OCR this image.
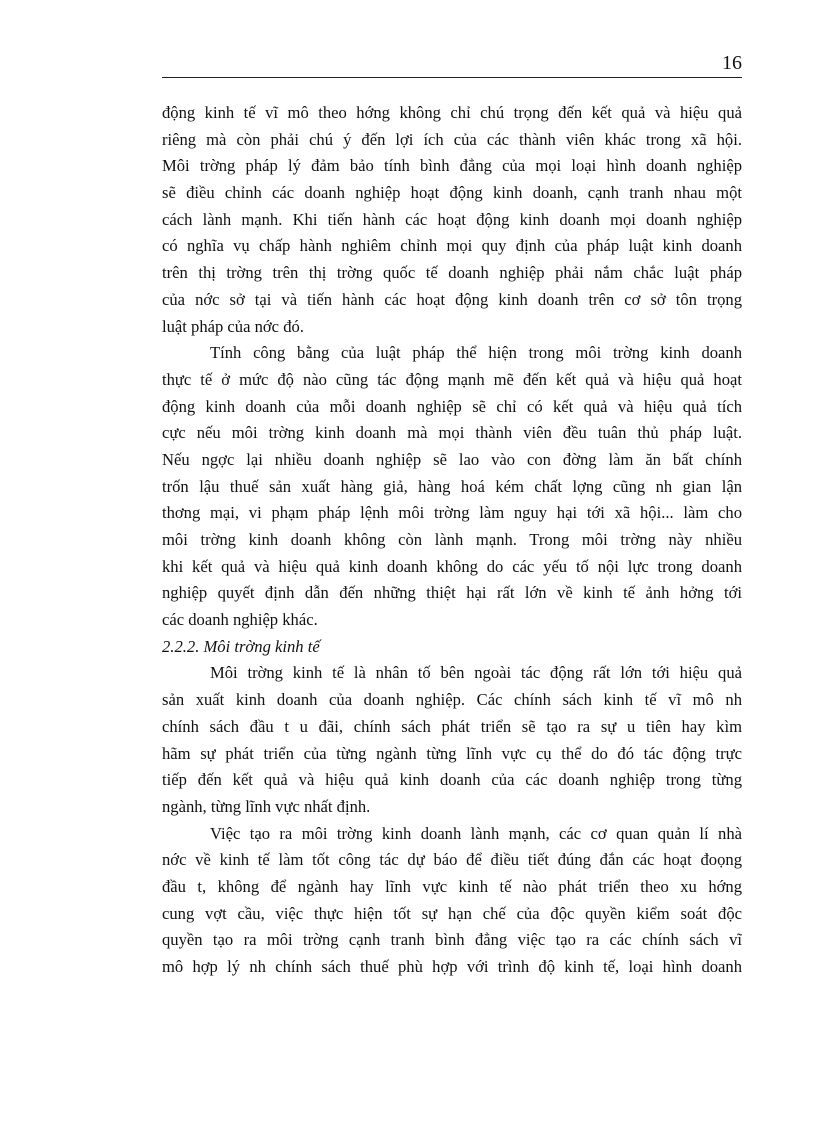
16
động kinh tế vĩ mô theo hớng không chỉ chú trọng đến kết quả và hiệu quả
riêng mà còn phải chú ý đến lợi ích của các thành viên khác trong xã hội.
Môi trờng pháp lý đảm bảo tính bình đẳng của mọi loại hình doanh nghiệp
sẽ điều chỉnh các doanh nghiệp hoạt động kinh doanh, cạnh tranh nhau một
cách lành mạnh. Khi tiến hành các hoạt động kinh doanh mọi doanh nghiệp
có nghĩa vụ chấp hành nghiêm chỉnh mọi quy định của pháp luật kinh doanh
trên thị trờng trên thị trờng quốc tế doanh nghiệp phải nắm chắc luật pháp
của nớc sở tại và tiến hành các hoạt động kinh doanh trên cơ sở tôn trọng
luật pháp của nớc đó.
Tính công bằng của luật pháp thể hiện trong môi trờng kinh doanh
thực tế ở mức độ nào cũng tác động mạnh mẽ đến kết quả và hiệu quả hoạt
động kinh doanh của mỗi doanh nghiệp sẽ chỉ có kết quả và hiệu quả tích
cực nếu môi trờng kinh doanh mà mọi thành viên đều tuân thủ pháp luật.
Nếu ngợc lại nhiều doanh nghiệp sẽ lao vào con đờng làm ăn bất chính
trốn lậu thuế sản xuất hàng giả, hàng hoá kém chất lợng cũng nh gian lận
thơng mại, vi phạm pháp lệnh môi trờng làm nguy hại tới xã hội... làm cho
môi trờng kinh doanh không còn lành mạnh. Trong môi trờng này nhiều
khi kết quả và hiệu quả kinh doanh không do các yếu tố nội lực trong doanh
nghiệp quyết định dẫn đến những thiệt hại rất lớn về kinh tế ảnh hởng tới
các doanh nghiệp khác.
2.2.2. Môi trờng kinh tế
Môi trờng kinh tế là nhân tố bên ngoài tác động rất lớn tới hiệu quả
sản xuất kinh doanh của doanh nghiệp. Các chính sách kinh tế vĩ mô nh
chính sách đầu t u đãi, chính sách phát triển sẽ tạo ra sự u tiên hay kìm
hãm sự phát triển của từng ngành từng lĩnh vực cụ thể do đó tác động trực
tiếp đến kết quả và hiệu quả kinh doanh của các doanh nghiệp trong từng
ngành, từng lĩnh vực nhất định.
Việc tạo ra môi trờng kinh doanh lành mạnh, các cơ quan quản lí nhà
nớc về kinh tế làm tốt công tác dự báo để điều tiết đúng đắn các hoạt đoọng
đầu t, không để ngành hay lĩnh vực kinh tế nào phát triển theo xu hớng
cung vợt cầu, việc thực hiện tốt sự hạn chế của độc quyền kiểm soát độc
quyền tạo ra môi trờng cạnh tranh bình đẳng việc tạo ra các chính sách vĩ
mô hợp lý nh chính sách thuế phù hợp với trình độ kinh tế, loại hình doanh
